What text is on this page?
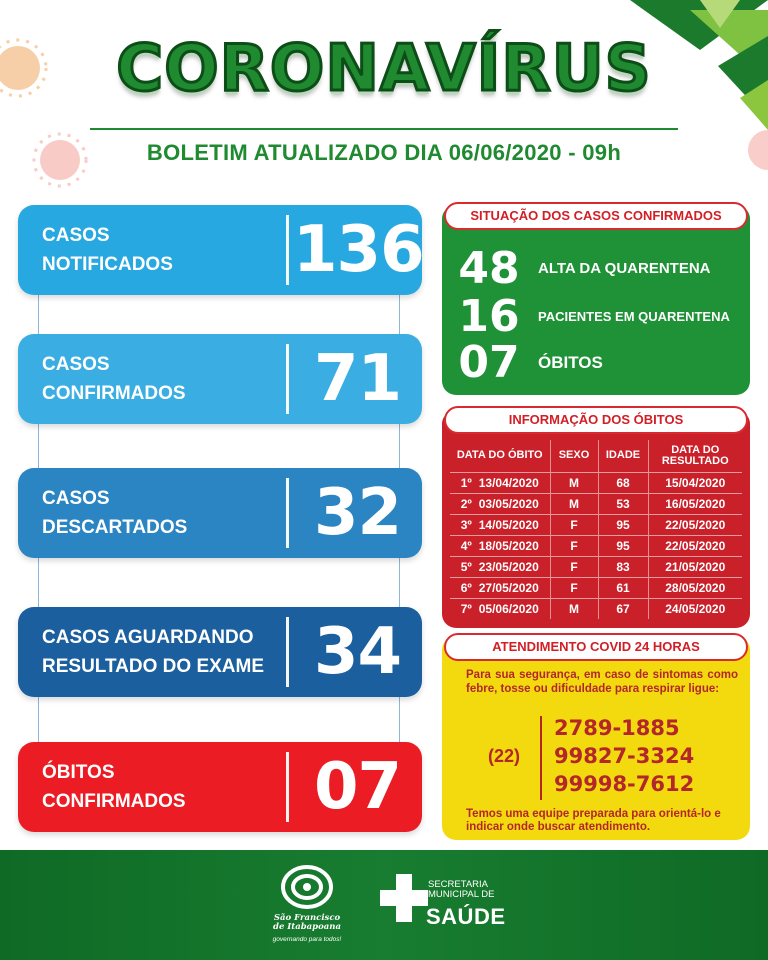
CORONAVÍRUS
BOLETIM ATUALIZADO DIA 06/06/2020 - 09h
CASOS
NOTIFICADOS	136
CASOS
CONFIRMADOS	71
CASOS
DESCARTADOS	32
CASOS AGUARDANDO
RESULTADO DO EXAME 34
ÓBITOS
CONFIRMADOS	07
48 ALTA DA QUARENTENA
16	PACIENTES EM QUARENTENA
07 ÓBITOS
SITUAÇÃO DOS CASOS CONFIRMADOS
DATA DO ÓBITO	SEXO	IDADE	DATA DO RESULTADO
1º 13/04/2020	M	68	15/04/2020
2º 03/05/2020	M	53	16/05/2020
3º 14/05/2020	F	95	22/05/2020
4º 18/05/2020	F	95	22/05/2020
5º 23/05/2020	F	83	21/05/2020
6º 27/05/2020	F	61	28/05/2020
7º 05/06/2020	M	67	24/05/2020
INFORMAÇÃO DOS ÓBITOS
Para sua segurança, em caso de sintomas como febre, tosse ou dificuldade para respirar ligue:
(22)
2789-1885
99827-3324
99998-7612
Temos uma equipe preparada para orientá-lo e indicar onde buscar atendimento.
ATENDIMENTO COVID 24 HORAS
São Francisco
de Itabapoana
governando para todos!
SECRETARIA
MUNICIPAL DE
SAÚDE
